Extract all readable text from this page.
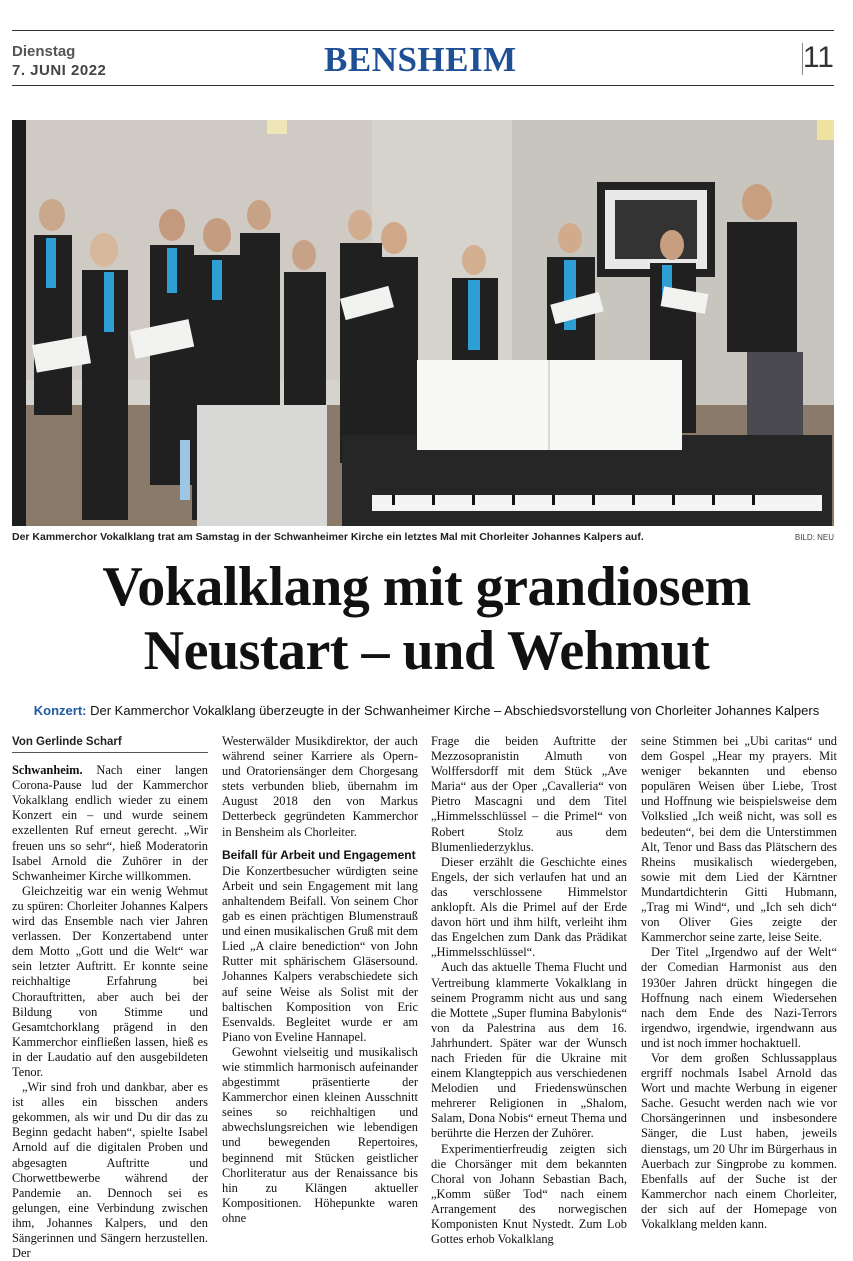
Dienstag
7. JUNI 2022	BENSHEIM	11
Der Kammerchor Vokalklang trat am Samstag in der Schwanheimer Kirche ein letztes Mal mit Chorleiter Johannes Kalpers auf.	BILD: NEU
Vokalklang mit grandiosem
Neustart – und Wehmut
Konzert: Der Kammerchor Vokalklang überzeugte in der Schwanheimer Kirche – Abschiedsvorstellung von Chorleiter Johannes Kalpers
Von Gerlinde Scharf

Schwanheim. Nach einer langen Corona-Pause lud der Kammerchor Vokalklang endlich wieder zu einem Konzert ein – und wurde seinem exzellenten Ruf erneut gerecht. „Wir freuen uns so sehr“, hieß Moderatorin Isabel Arnold die Zuhörer in der Schwanheimer Kirche willkommen.

Gleichzeitig war ein wenig Wehmut zu spüren: Chorleiter Johannes Kalpers wird das Ensemble nach vier Jahren verlassen. Der Konzertabend unter dem Motto „Gott und die Welt“ war sein letzter Auftritt. Er konnte seine reichhaltige Erfahrung bei Chorauftritten, aber auch bei der Bildung von Stimme und Gesamtchorklang prägend in den Kammerchor einfließen lassen, hieß es in der Laudatio auf den ausgebildeten Tenor.

„Wir sind froh und dankbar, aber es ist alles ein bisschen anders gekommen, als wir und Du dir das zu Beginn gedacht haben“, spielte Isabel Arnold auf die digitalen Proben und abgesagten Auftritte und Chorwettbewerbe während der Pandemie an. Dennoch sei es gelungen, eine Verbindung zwischen ihm, Johannes Kalpers, und den Sängerinnen und Sängern herzustellen. Der

Westerwälder Musikdirektor, der auch während seiner Karriere als Opern- und Oratoriensänger dem Chorgesang stets verbunden blieb, übernahm im August 2018 den von Markus Detterbeck gegründeten Kammerchor in Bensheim als Chorleiter.

Beifall für Arbeit und Engagement

Die Konzertbesucher würdigten seine Arbeit und sein Engagement mit lang anhaltendem Beifall. Von seinem Chor gab es einen prächtigen Blumenstrauß und einen musikalischen Gruß mit dem Lied „A claire benediction“ von John Rutter mit sphärischem Gläsersound. Johannes Kalpers verabschiedete sich auf seine Weise als Solist mit der baltischen Komposition von Eric Esenvalds. Begleitet wurde er am Piano von Eveline Hannapel.

Gewohnt vielseitig und musikalisch wie stimmlich harmonisch aufeinander abgestimmt präsentierte der Kammerchor einen kleinen Ausschnitt seines so reichhaltigen und abwechslungsreichen wie lebendigen und bewegenden Repertoires, beginnend mit Stücken geistlicher Chorliteratur aus der Renaissance bis hin zu Klängen aktueller Kompositionen. Höhepunkte waren ohne

Frage die beiden Auftritte der Mezzosopranistin Almuth von Wolffersdorff mit dem Stück „Ave Maria“ aus der Oper „Cavalleria“ von Pietro Mascagni und dem Titel „Himmelsschlüssel – die Primel“ von Robert Stolz aus dem Blumenliederzyklus.

Dieser erzählt die Geschichte eines Engels, der sich verlaufen hat und an das verschlossene Himmelstor anklopft. Als die Primel auf der Erde davon hört und ihm hilft, verleiht ihm das Engelchen zum Dank das Prädikat „Himmelsschlüssel“.

Auch das aktuelle Thema Flucht und Vertreibung klammerte Vokalklang in seinem Programm nicht aus und sang die Mottete „Super flumina Babylonis“ von da Palestrina aus dem 16. Jahrhundert. Später war der Wunsch nach Frieden für die Ukraine mit einem Klangteppich aus verschiedenen Melodien und Friedenswünschen mehrerer Religionen in „Shalom, Salam, Dona Nobis“ erneut Thema und berührte die Herzen der Zuhörer.

Experimentierfreudig zeigten sich die Chorsänger mit dem bekannten Choral von Johann Sebastian Bach, „Komm süßer Tod“ nach einem Arrangement des norwegischen Komponisten Knut Nystedt. Zum Lob Gottes erhob Vokalklang

seine Stimmen bei „Ubi caritas“ und dem Gospel „Hear my prayers. Mit weniger bekannten und ebenso populären Weisen über Liebe, Trost und Hoffnung wie beispielsweise dem Volkslied „Ich weiß nicht, was soll es bedeuten“, bei dem die Unterstimmen Alt, Tenor und Bass das Plätschern des Rheins musikalisch wiedergeben, sowie mit dem Lied der Kärntner Mundartdichterin Gitti Hubmann, „Trag mi Wind“, und „Ich seh dich“ von Oliver Gies zeigte der Kammerchor seine zarte, leise Seite.

Der Titel „Irgendwo auf der Welt“ der Comedian Harmonist aus den 1930er Jahren drückt hingegen die Hoffnung nach einem Wiedersehen nach dem Ende des Nazi-Terrors irgendwo, irgendwie, irgendwann aus und ist noch immer hochaktuell.

Vor dem großen Schlussapplaus ergriff nochmals Isabel Arnold das Wort und machte Werbung in eigener Sache. Gesucht werden nach wie vor Chorsängerinnen und insbesondere Sänger, die Lust haben, jeweils dienstags, um 20 Uhr im Bürgerhaus in Auerbach zur Singprobe zu kommen. Ebenfalls auf der Suche ist der Kammerchor nach einem Chorleiter, der sich auf der Homepage von Vokalklang melden kann.
